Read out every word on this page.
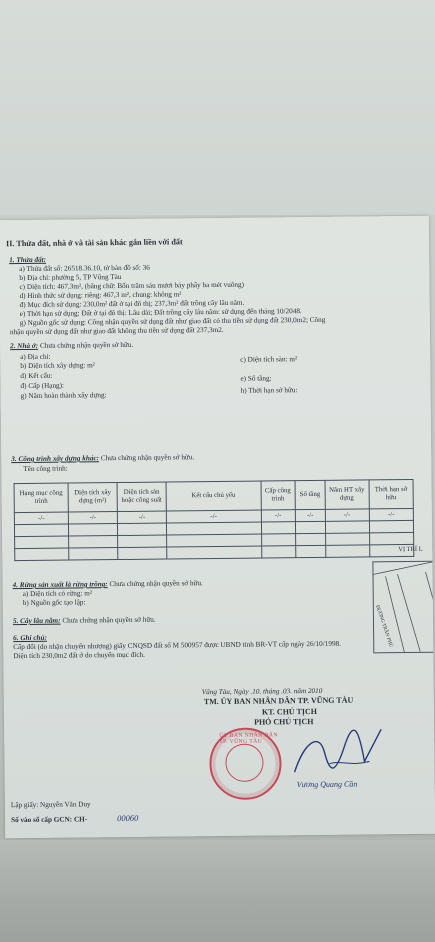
II. Thửa đất, nhà ở và tài sản khác gắn liền với đất
1. Thửa đất:
a) Thửa đất số: 26518.36.10, tờ bản đồ số: 36
b) Địa chỉ: phường 5, TP Vũng Tàu
c) Diện tích: 467,3m², (bằng chữ: Bốn trăm sáu mươi bảy phẩy ba mét vuông)
d) Hình thức sử dụng: riêng: 467,3 m², chung: không m²
đ) Mục đích sử dụng: 230,0m² đất ở tại đô thị; 237,3m² đất trồng cây lâu năm.
e) Thời hạn sử dụng: Đất ở tại đô thị: Lâu dài; Đất trồng cây lâu năm: sử dụng đến tháng 10/2048.
g) Nguồn gốc sử dụng: Công nhận quyền sử dụng đất như giao đất có thu tiền sử dụng đất 230,0m2; Công
nhận quyền sử dụng đất như giao đất không thu tiền sử dụng đất 237,3m2.
2. Nhà ở: Chưa chứng nhận quyền sở hữu.
a) Địa chỉ:
b) Diện tích xây dựng: m²
c) Diện tích sàn: m²
d) Kết cấu:	e) Số tầng:
đ) Cấp (Hạng):
h) Thời hạn sở hữu:
g) Năm hoàn thành xây dựng:
3. Công trình xây dựng khác: Chưa chứng nhận quyền sở hữu.
Tên công trình:
Hạng mục công trình	Diện tích xây dựng (m²)	Diện tích sàn hoặc công suất	Kết cấu chủ yếu	Cấp công trình	Số tầng	Năm HT xây dựng	Thời hạn sở hữu
-/-	-/-	-/-	-/-	-/-	-/-	-/-	-/-

VỊ TRÍ L
ĐƯỜNG TRẦN PHÚ
4. Rừng sản xuất là rừng trồng: Chưa chứng nhận quyền sở hữu.
a) Diện tích có rừng: m²
b) Nguồn gốc tạo lập:
5. Cây lâu năm: Chưa chứng nhận quyền sở hữu.
6. Ghi chú:
Cấp đổi (do nhận chuyển nhượng) giấy CNQSD đất số M 500957 được UBND tỉnh BR-VT cấp ngày 26/10/1998.
Diện tích 230,0m2 đất ở do chuyển mục đích.
Vũng Tàu, Ngày .10. tháng .03. năm 2010
TM. ỦY BAN NHÂN DÂN TP. VŨNG TÀU
KT. CHỦ TỊCH
PHÓ CHỦ TỊCH
ỦY BAN NHÂN DÂN TP. VŨNG TÀU
Vương Quang Cần
Lập giấy: Nguyễn Văn Duy
Số vào sổ cấp GCN: CH-	00060
